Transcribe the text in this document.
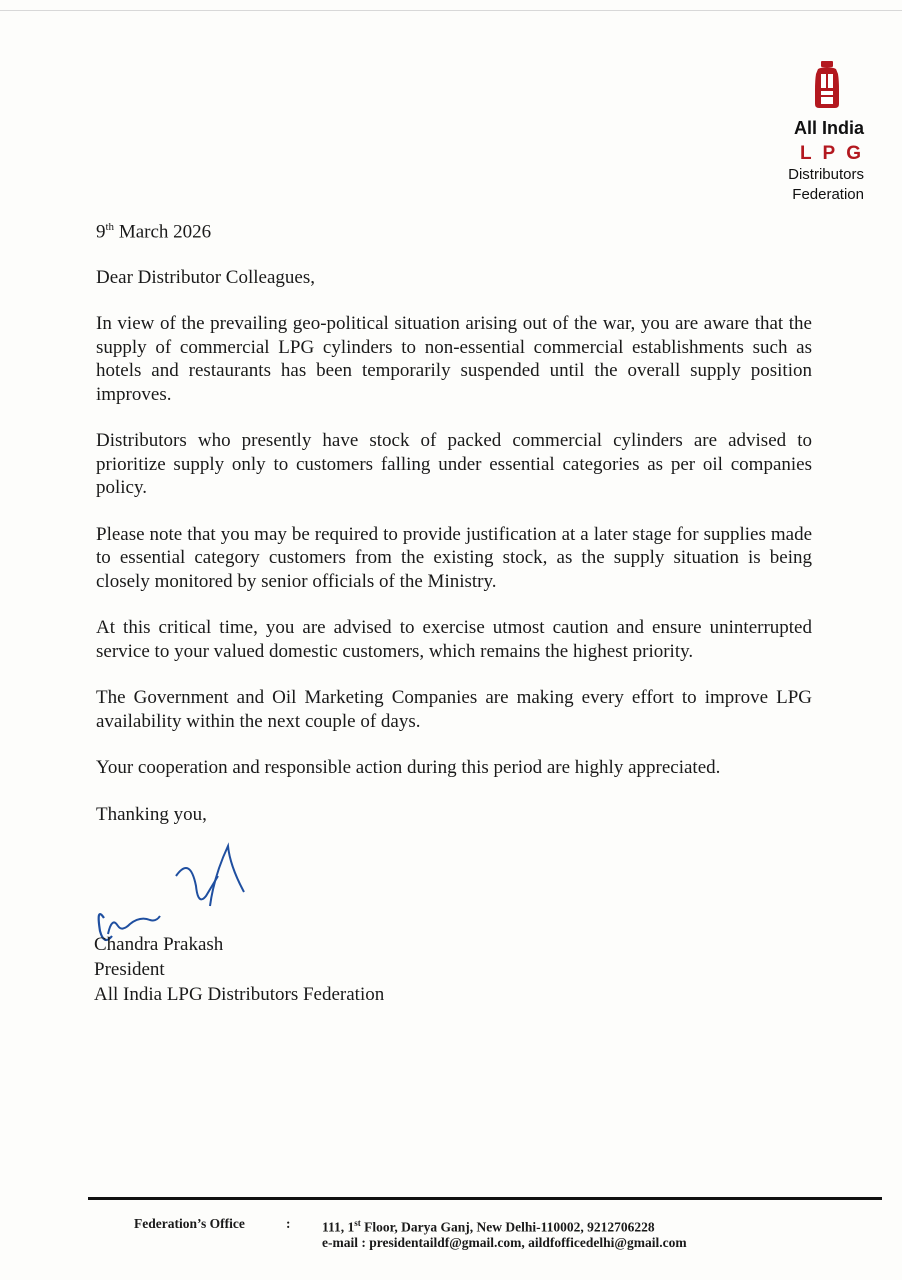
All India
LPG
Distributors
Federation

9th March 2026

Dear Distributor Colleagues,

In view of the prevailing geo-political situation arising out of the war, you are aware that the supply of commercial LPG cylinders to non-essential commercial establishments such as hotels and restaurants has been temporarily suspended until the overall supply position improves.

Distributors who presently have stock of packed commercial cylinders are advised to prioritize supply only to customers falling under essential categories as per oil companies policy.

Please note that you may be required to provide justification at a later stage for supplies made to essential category customers from the existing stock, as the supply situation is being closely monitored by senior officials of the Ministry.

At this critical time, you are advised to exercise utmost caution and ensure uninterrupted service to your valued domestic customers, which remains the highest priority.

The Government and Oil Marketing Companies are making every effort to improve LPG availability within the next couple of days.

Your cooperation and responsible action during this period are highly appreciated.

Thanking you,

Chandra Prakash
President
All India LPG Distributors Federation
Federation’s Office	: 111, 1st Floor, Darya Ganj, New Delhi-110002, 9212706228
e-mail : presidentaildf@gmail.com, aildfofficedelhi@gmail.com
